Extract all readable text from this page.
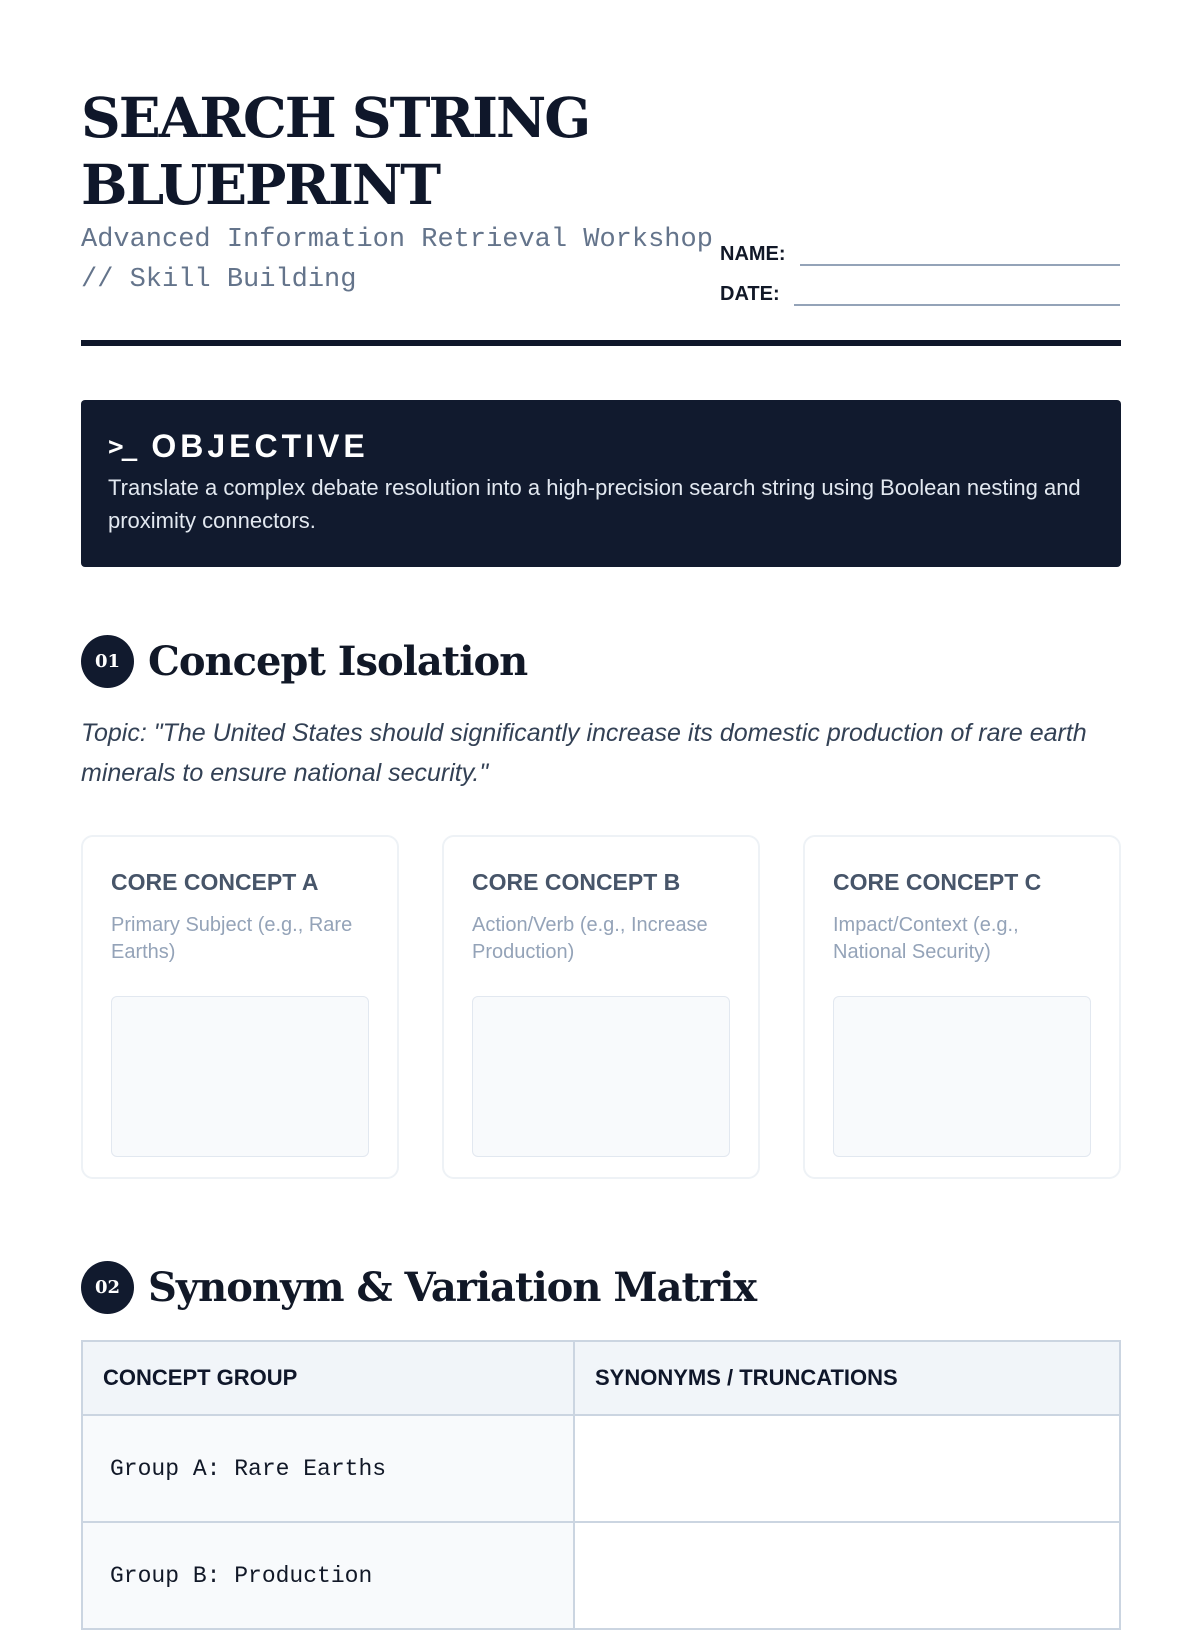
SEARCH STRING BLUEPRINT
Advanced Information Retrieval Workshop // Skill Building
NAME:
DATE:
>_ OBJECTIVE
Translate a complex debate resolution into a high-precision search string using Boolean nesting and proximity connectors.
01 Concept Isolation
Topic: "The United States should significantly increase its domestic production of rare earth minerals to ensure national security."
CORE CONCEPT A
Primary Subject (e.g., Rare Earths)
CORE CONCEPT B
Action/Verb (e.g., Increase Production)
CORE CONCEPT C
Impact/Context (e.g., National Security)
02 Synonym & Variation Matrix
CONCEPT GROUP	SYNONYMS / TRUNCATIONS
Group A: Rare Earths	
Group B: Production	
